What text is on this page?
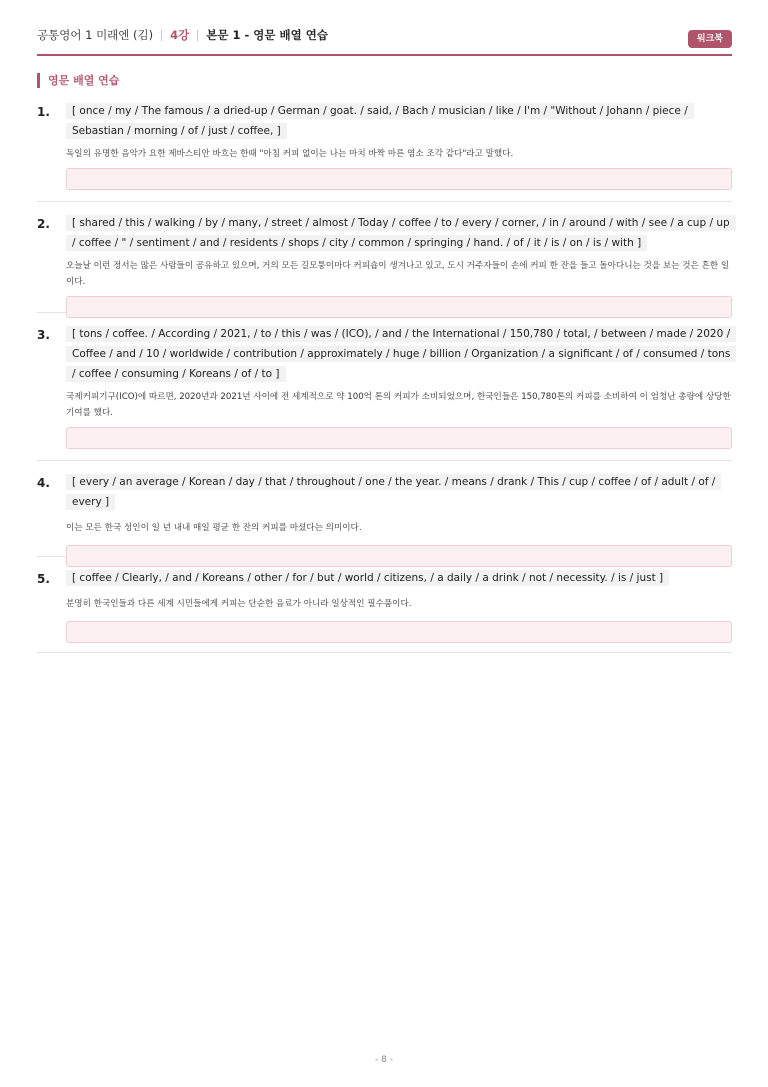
공통영어 1 미래엔 (김) 4강 본문 1 - 영문 배열 연습	워크북
영문 배열 연습
1.	[ once / my / The famous / a dried-up / German / goat. / said, / Bach / musician / like / I'm / "Without / Johann / piece / Sebastian / morning / of / just / coffee, ]
독일의 유명한 음악가 요한 제바스티안 바흐는 한때 "아침 커피 없이는 나는 마치 바짝 마른 염소 조각 같다"라고 말했다.
2.	[ shared / this / walking / by / many, / street / almost / Today / coffee / to / every / corner, / in / around / with / see / a cup / up / coffee / " / sentiment / and / residents / shops / city / common / springing / hand. / of / it / is / on / is / with ]
오늘날 이런 정서는 많은 사람들이 공유하고 있으며, 거의 모든 길모퉁이마다 커피숍이 생겨나고 있고, 도시 거주자들이 손에 커피 한 잔을 들고 돌아다니는 것을 보는 것은 흔한 일이다.
3.	[ tons / coffee. / According / 2021, / to / this / was / (ICO), / and / the International / 150,780 / total, / between / made / 2020 / Coffee / and / 10 / worldwide / contribution / approximately / huge / billion / Organization / a significant / of / consumed / tons / coffee / consuming / Koreans / of / to ]
국제커피기구(ICO)에 따르면, 2020년과 2021년 사이에 전 세계적으로 약 100억 톤의 커피가 소비되었으며, 한국인들은 150,780톤의 커피를 소비하여 이 엄청난 총량에 상당한 기여를 했다.
4.	[ every / an average / Korean / day / that / throughout / one / the year. / means / drank / This / cup / coffee / of / adult / of / every ]
이는 모든 한국 성인이 일 년 내내 매일 평균 한 잔의 커피를 마셨다는 의미이다.
5.	[ coffee / Clearly, / and / Koreans / other / for / but / world / citizens, / a daily / a drink / not / necessity. / is / just ]
분명히 한국인들과 다른 세계 시민들에게 커피는 단순한 음료가 아니라 일상적인 필수품이다.
- 8 -
